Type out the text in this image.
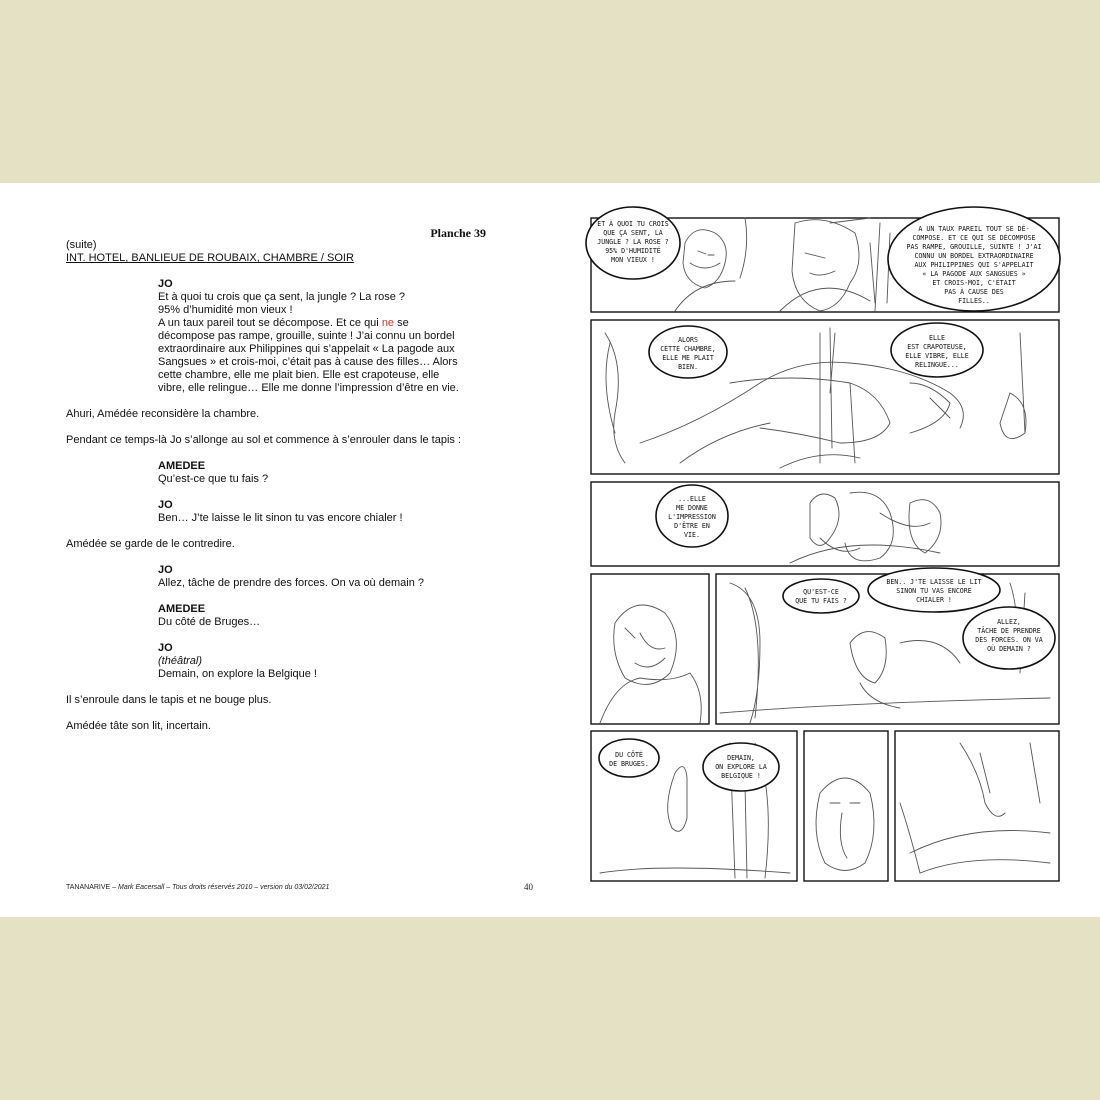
Planche 39

(suite)

INT. HOTEL, BANLIEUE DE ROUBAIX, CHAMBRE / SOIR

JO

Et à quoi tu crois que ça sent, la jungle ? La rose ?

95% d’humidité mon vieux !

A un taux pareil tout se décompose. Et ce qui ne se

décompose pas rampe, grouille, suinte ! J’ai connu un bordel

extraordinaire aux Philippines qui s’appelait « La pagode aux

Sangsues » et crois-moi, c’était pas à cause des filles… Alors

cette chambre, elle me plait bien. Elle est crapoteuse, elle

vibre, elle relingue… Elle me donne l’impression d’être en vie.

Ahuri, Amédée reconsidère la chambre.

Pendant ce temps-là Jo s’allonge au sol et commence à s’enrouler dans le tapis :

AMEDEE

Qu’est-ce que tu fais ?

JO

Ben… J’te laisse le lit sinon tu vas encore chialer !

Amédée se garde de le contredire.

JO

Allez, tâche de prendre des forces. On va où demain ?

AMEDEE

Du côté de Bruges…

JO

(théâtral)

Demain, on explore la Belgique !

Il s’enroule dans le tapis et ne bouge plus.

Amédée tâte son lit, incertain.

TANANARIVE – Mark Eacersall – Tous droits réservés 2010 – version du 03/02/2021	40
ET À QUOI TU CROIS
QUE ÇA SENT, LA
JUNGLE ? LA ROSE ?
95% D'HUMIDITÉ
MON VIEUX !
A UN TAUX PAREIL TOUT SE DÉ-
COMPOSE. ET CE QUI SE DÉCOMPOSE
PAS RAMPE, GROUILLE, SUINTE ! J'AI
CONNU UN BORDEL EXTRAORDINAIRE
AUX PHILIPPINES QUI S'APPELAIT
« LA PAGODE AUX SANGSUES »
ET CROIS-MOI, C'ÉTAIT
PAS À CAUSE DES
FILLES..
ALORS
CETTE CHAMBRE,
ELLE ME PLAIT
BIEN.
ELLE
EST CRAPOTEUSE,
ELLE VIBRE, ELLE
RELINGUE...
...ELLE
ME DONNE
L'IMPRESSION
D'ÊTRE EN
VIE.
QU'EST-CE
QUE TU FAIS ?
BEN.. J'TE LAISSE LE LIT
SINON TU VAS ENCORE
CHIALER !
ALLEZ,
TÂCHE DE PRENDRE
DES FORCES. ON VA
OÙ DEMAIN ?
DU CÔTÉ
DE BRUGES.
DEMAIN,
ON EXPLORE LA
BELGIQUE !
